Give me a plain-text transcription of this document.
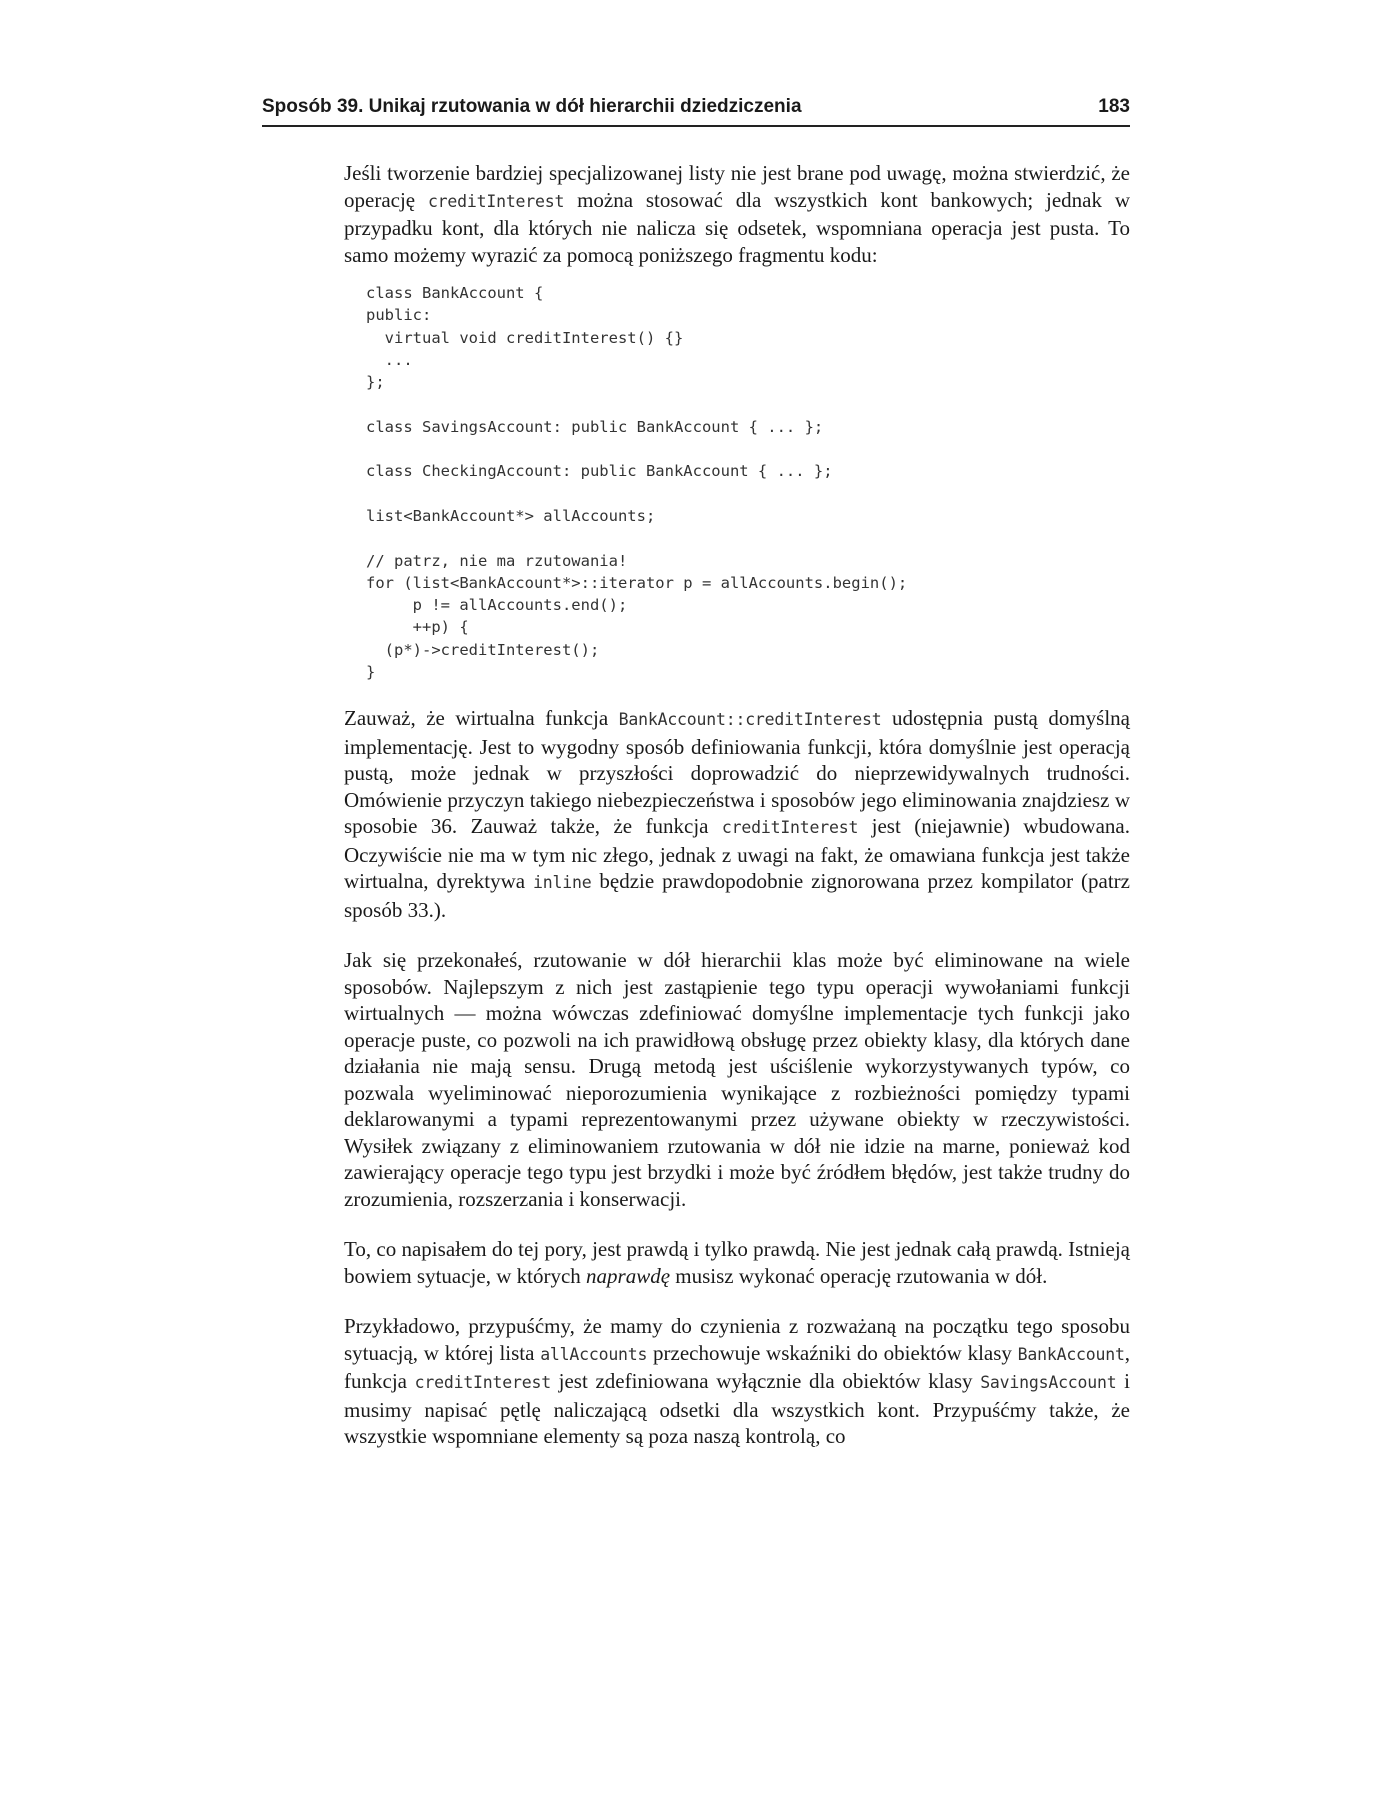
Sposób 39. Unikaj rzutowania w dół hierarchii dziedziczenia	183

Jeśli tworzenie bardziej specjalizowanej listy nie jest brane pod uwagę, można stwierdzić, że operację creditInterest można stosować dla wszystkich kont bankowych; jednak w przypadku kont, dla których nie nalicza się odsetek, wspomniana operacja jest pusta. To samo możemy wyrazić za pomocą poniższego fragmentu kodu:

class BankAccount {
public:
virtual void creditInterest() {}
...
};

class SavingsAccount: public BankAccount { ... };

class CheckingAccount: public BankAccount { ... };

list<BankAccount*> allAccounts;

// patrz, nie ma rzutowania!
for (list<BankAccount*>::iterator p = allAccounts.begin();
p != allAccounts.end();
++p) {
(p*)->creditInterest();
}

Zauważ, że wirtualna funkcja BankAccount::creditInterest udostępnia pustą domyślną implementację. Jest to wygodny sposób definiowania funkcji, która domyślnie jest operacją pustą, może jednak w przyszłości doprowadzić do nieprzewidywalnych trudności. Omówienie przyczyn takiego niebezpieczeństwa i sposobów jego eliminowania znajdziesz w sposobie 36. Zauważ także, że funkcja creditInterest jest (niejawnie) wbudowana. Oczywiście nie ma w tym nic złego, jednak z uwagi na fakt, że omawiana funkcja jest także wirtualna, dyrektywa inline będzie prawdopodobnie zignorowana przez kompilator (patrz sposób 33.).

Jak się przekonałeś, rzutowanie w dół hierarchii klas może być eliminowane na wiele sposobów. Najlepszym z nich jest zastąpienie tego typu operacji wywołaniami funkcji wirtualnych — można wówczas zdefiniować domyślne implementacje tych funkcji jako operacje puste, co pozwoli na ich prawidłową obsługę przez obiekty klasy, dla których dane działania nie mają sensu. Drugą metodą jest uściślenie wykorzystywanych typów, co pozwala wyeliminować nieporozumienia wynikające z rozbieżności pomiędzy typami deklarowanymi a typami reprezentowanymi przez używane obiekty w rzeczywistości. Wysiłek związany z eliminowaniem rzutowania w dół nie idzie na marne, ponieważ kod zawierający operacje tego typu jest brzydki i może być źródłem błędów, jest także trudny do zrozumienia, rozszerzania i konserwacji.

To, co napisałem do tej pory, jest prawdą i tylko prawdą. Nie jest jednak całą prawdą. Istnieją bowiem sytuacje, w których naprawdę musisz wykonać operację rzutowania w dół.

Przykładowo, przypuśćmy, że mamy do czynienia z rozważaną na początku tego sposobu sytuacją, w której lista allAccounts przechowuje wskaźniki do obiektów klasy BankAccount, funkcja creditInterest jest zdefiniowana wyłącznie dla obiektów klasy SavingsAccount i musimy napisać pętlę naliczającą odsetki dla wszystkich kont. Przypuśćmy także, że wszystkie wspomniane elementy są poza naszą kontrolą, co
